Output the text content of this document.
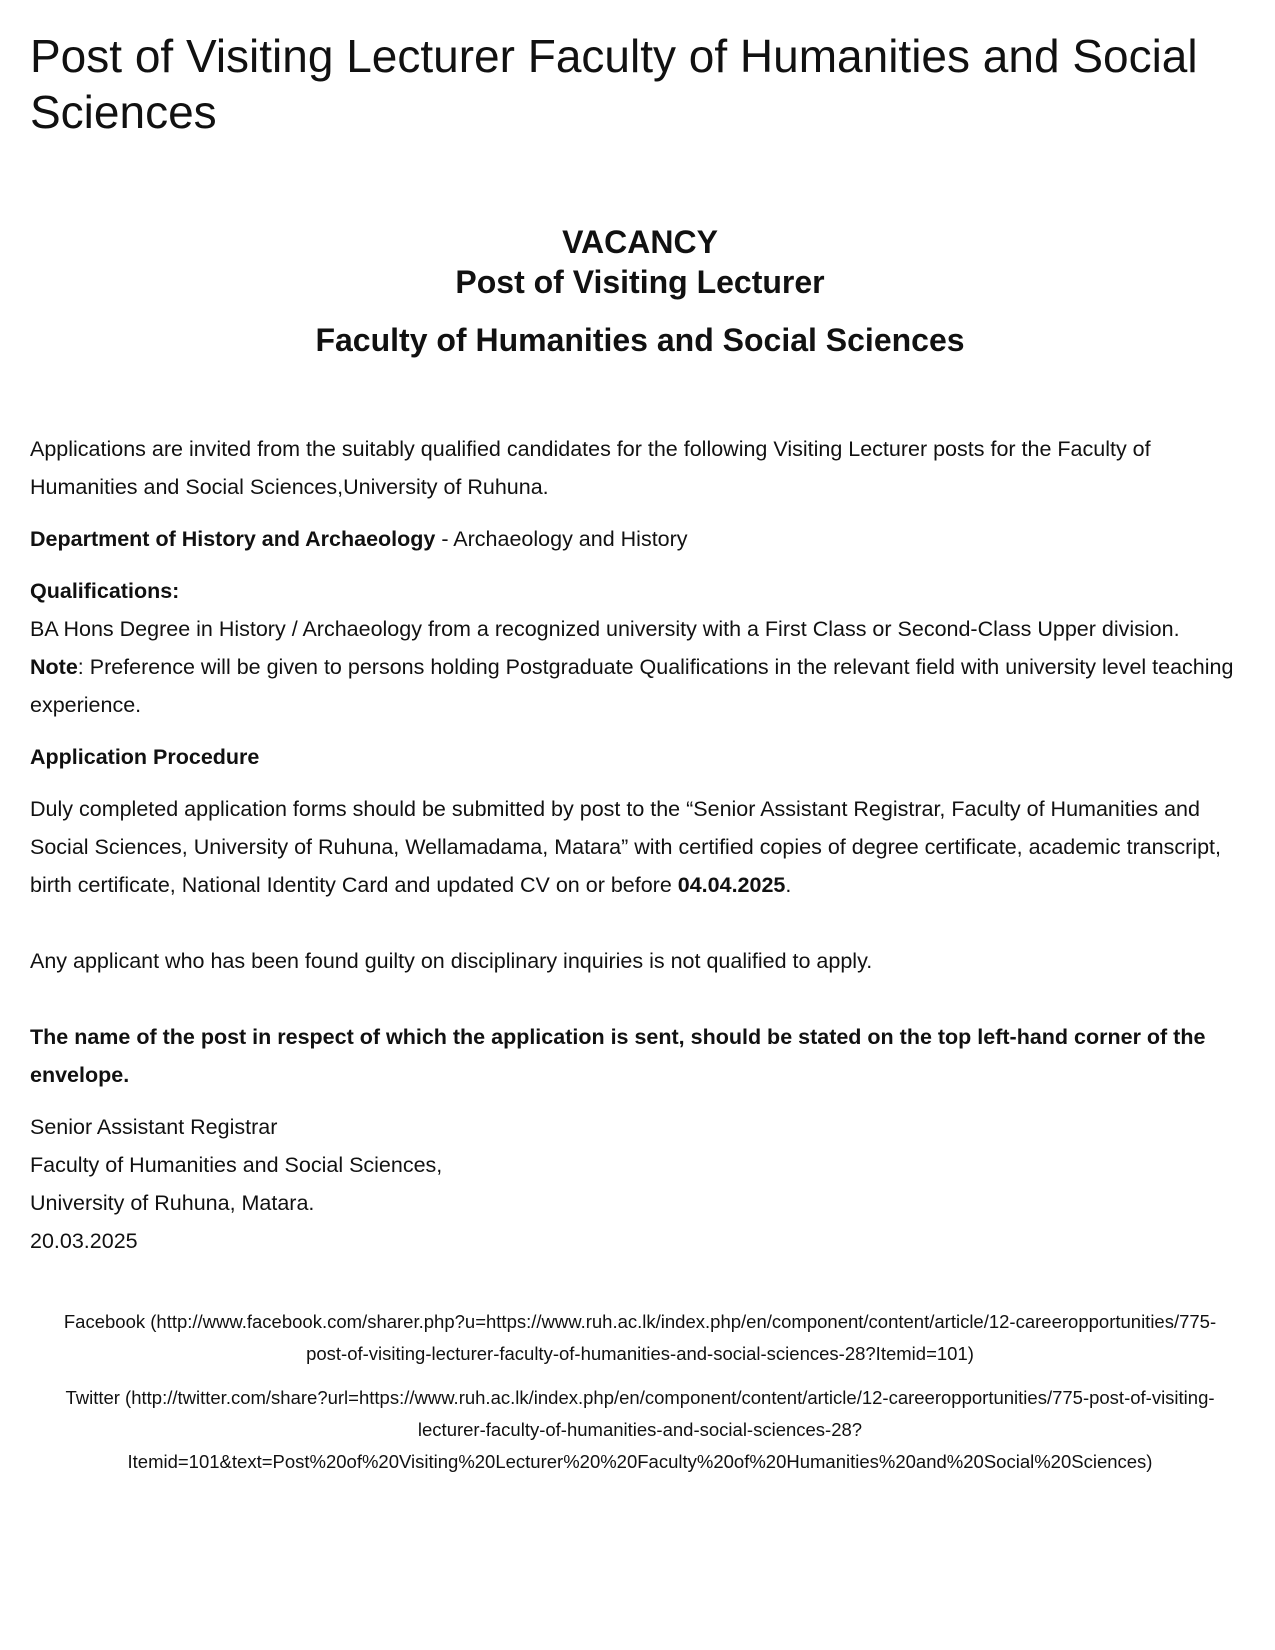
Post of Visiting Lecturer Faculty of Humanities and Social Sciences
VACANCY
Post of Visiting Lecturer
Faculty of Humanities and Social Sciences

Applications are invited from the suitably qualified candidates for the following Visiting Lecturer posts for the Faculty of Humanities and Social Sciences,University of Ruhuna.

Department of History and Archaeology - Archaeology and History

Qualifications:
BA Hons Degree in History / Archaeology from a recognized university with a First Class or Second-Class Upper division.
Note: Preference will be given to persons holding Postgraduate Qualifications in the relevant field with university level teaching experience.

Application Procedure

Duly completed application forms should be submitted by post to the “Senior Assistant Registrar, Faculty of Humanities and Social Sciences, University of Ruhuna, Wellamadama, Matara” with certified copies of degree certificate, academic transcript, birth certificate, National Identity Card and updated CV on or before 04.04.2025.

Any applicant who has been found guilty on disciplinary inquiries is not qualified to apply.

The name of the post in respect of which the application is sent, should be stated on the top left-hand corner of the envelope.

Senior Assistant Registrar
Faculty of Humanities and Social Sciences,
University of Ruhuna, Matara.
20.03.2025
Facebook (http://www.facebook.com/sharer.php?u=https://www.ruh.ac.lk/index.php/en/component/content/article/12-careeropportunities/775-post-of-visiting-lecturer-faculty-of-humanities-and-social-sciences-28?Itemid=101)
Twitter (http://twitter.com/share?url=https://www.ruh.ac.lk/index.php/en/component/content/article/12-careeropportunities/775-post-of-visiting-lecturer-faculty-of-humanities-and-social-sciences-28?Itemid=101&text=Post%20of%20Visiting%20Lecturer%20%20Faculty%20of%20Humanities%20and%20Social%20Sciences)
